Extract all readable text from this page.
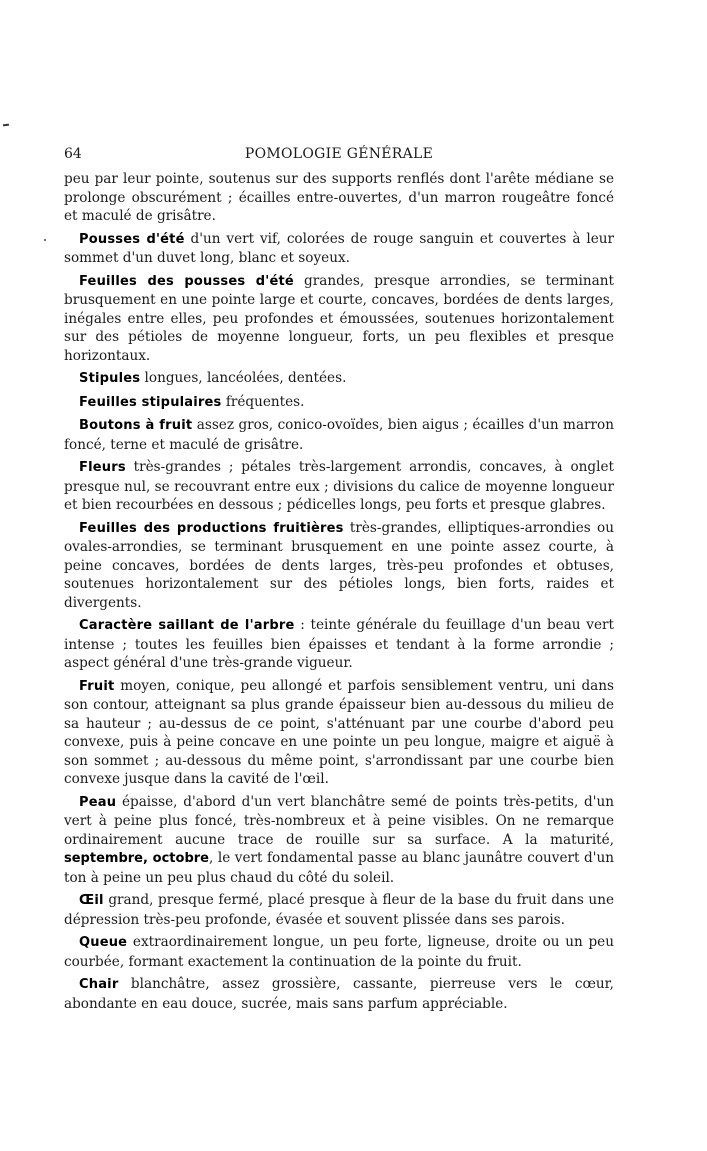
64	POMOLOGIE GÉNÉRALE

peu par leur pointe, soutenus sur des supports renflés dont l'arête médiane se prolonge obscurément ; écailles entre-ouvertes, d'un marron rougeâtre foncé et maculé de grisâtre.

Pousses d'été d'un vert vif, colorées de rouge sanguin et couvertes à leur sommet d'un duvet long, blanc et soyeux.

Feuilles des pousses d'été grandes, presque arrondies, se terminant brusquement en une pointe large et courte, concaves, bordées de dents larges, inégales entre elles, peu profondes et émoussées, soutenues horizontalement sur des pétioles de moyenne longueur, forts, un peu flexibles et presque horizontaux.

Stipules longues, lancéolées, dentées.

Feuilles stipulaires fréquentes.

Boutons à fruit assez gros, conico-ovoïdes, bien aigus ; écailles d'un marron foncé, terne et maculé de grisâtre.

Fleurs très-grandes ; pétales très-largement arrondis, concaves, à onglet presque nul, se recouvrant entre eux ; divisions du calice de moyenne longueur et bien recourbées en dessous ; pédicelles longs, peu forts et presque glabres.

Feuilles des productions fruitières très-grandes, elliptiques-arrondies ou ovales-arrondies, se terminant brusquement en une pointe assez courte, à peine concaves, bordées de dents larges, très-peu profondes et obtuses, soutenues horizontalement sur des pétioles longs, bien forts, raides et divergents.

Caractère saillant de l'arbre : teinte générale du feuillage d'un beau vert intense ; toutes les feuilles bien épaisses et tendant à la forme arrondie ; aspect général d'une très-grande vigueur.

Fruit moyen, conique, peu allongé et parfois sensiblement ventru, uni dans son contour, atteignant sa plus grande épaisseur bien au-dessous du milieu de sa hauteur ; au-dessus de ce point, s'atténuant par une courbe d'abord peu convexe, puis à peine concave en une pointe un peu longue, maigre et aiguë à son sommet ; au-dessous du même point, s'arrondissant par une courbe bien convexe jusque dans la cavité de l'œil.

Peau épaisse, d'abord d'un vert blanchâtre semé de points très-petits, d'un vert à peine plus foncé, très-nombreux et à peine visibles. On ne remarque ordinairement aucune trace de rouille sur sa surface. A la maturité, septembre, octobre, le vert fondamental passe au blanc jaunâtre couvert d'un ton à peine un peu plus chaud du côté du soleil.

Œil grand, presque fermé, placé presque à fleur de la base du fruit dans une dépression très-peu profonde, évasée et souvent plissée dans ses parois.

Queue extraordinairement longue, un peu forte, ligneuse, droite ou un peu courbée, formant exactement la continuation de la pointe du fruit.

Chair blanchâtre, assez grossière, cassante, pierreuse vers le cœur, abondante en eau douce, sucrée, mais sans parfum appréciable.
